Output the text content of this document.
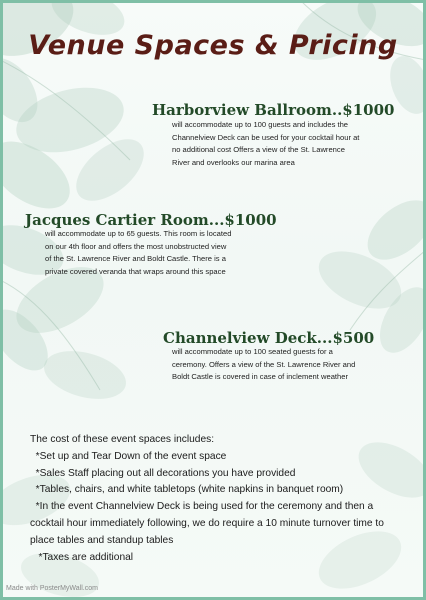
Venue Spaces & Pricing
Harborview Ballroom..$1000
will accommodate up to 100 guests and includes the
Channelview Deck can be used for your cocktail hour at
no additional cost Offers a view of the St. Lawrence
River and overlooks our marina area
Jacques Cartier Room...$1000
will accommodate up to 65 guests. This room is located
on our 4th floor and offers the most unobstructed view
of the St. Lawrence River and Boldt Castle. There is a
private covered veranda that wraps around this space
Channelview Deck...$500
will accommodate up to 100 seated guests for a
ceremony. Offers a view of the St. Lawrence River and
Boldt Castle is covered in case of inclement weather
The cost of these event spaces includes:
*Set up and Tear Down of the event space
*Sales Staff placing out all decorations you have provided
*Tables, chairs, and white tabletops (white napkins in banquet room)
*In the event Channelview Deck is being used for the ceremony and then a
cocktail hour immediately following, we do require a 10 minute turnover time to
place tables and standup tables
*Taxes are additional

Made with PosterMyWall.com
